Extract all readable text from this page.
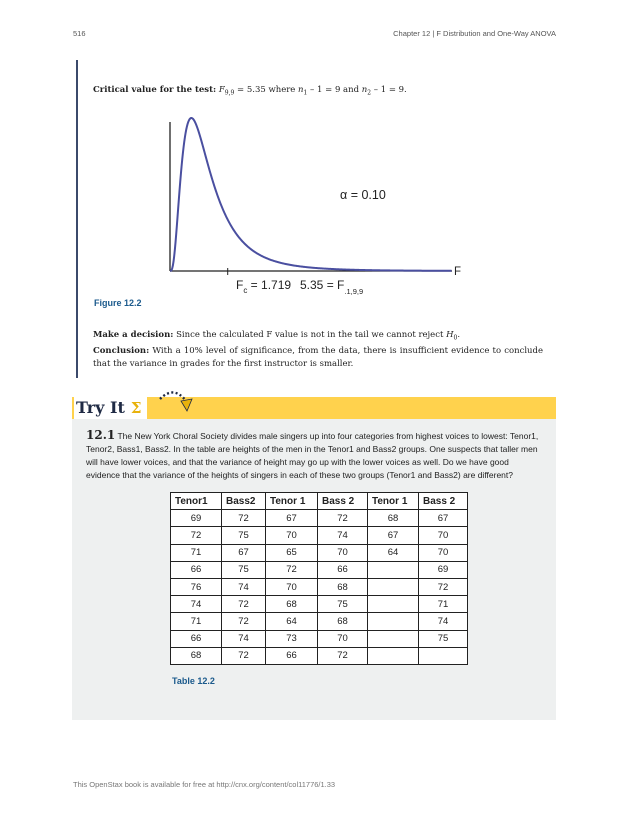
516	Chapter 12 | F Distribution and One-Way ANOVA
Critical value for the test: $F_{9,9} = 5.35$ where $n_1 - 1 = 9$ and $n_2 - 1 = 9$.
α = 0.10
F
$F_c = 1.719$ $5.35 = F_{.1,9,9}$
Figure 12.2
Make a decision: Since the calculated F value is not in the tail we cannot reject $H_0$.
Conclusion: With a 10% level of significance, from the data, there is insufficient evidence to conclude that the variance in grades for the first instructor is smaller.
Try It Σ
12.1 The New York Choral Society divides male singers up into four categories from highest voices to lowest: Tenor1, Tenor2, Bass1, Bass2. In the table are heights of the men in the Tenor1 and Bass2 groups. One suspects that taller men will have lower voices, and that the variance of height may go up with the lower voices as well. Do we have good evidence that the variance of the heights of singers in each of these two groups (Tenor1 and Bass2) are different?
Tenor1	Bass2	Tenor 1	Bass 2	Tenor 1	Bass 2
69	72	67	72	68	67
72	75	70	74	67	70
71	67	65	70	64	70
66	75	72	66		69
76	74	70	68		72
74	72	68	75		71
71	72	64	68		74
66	74	73	70		75
68	72	66	72		
Table 12.2
This OpenStax book is available for free at http://cnx.org/content/col11776/1.33
